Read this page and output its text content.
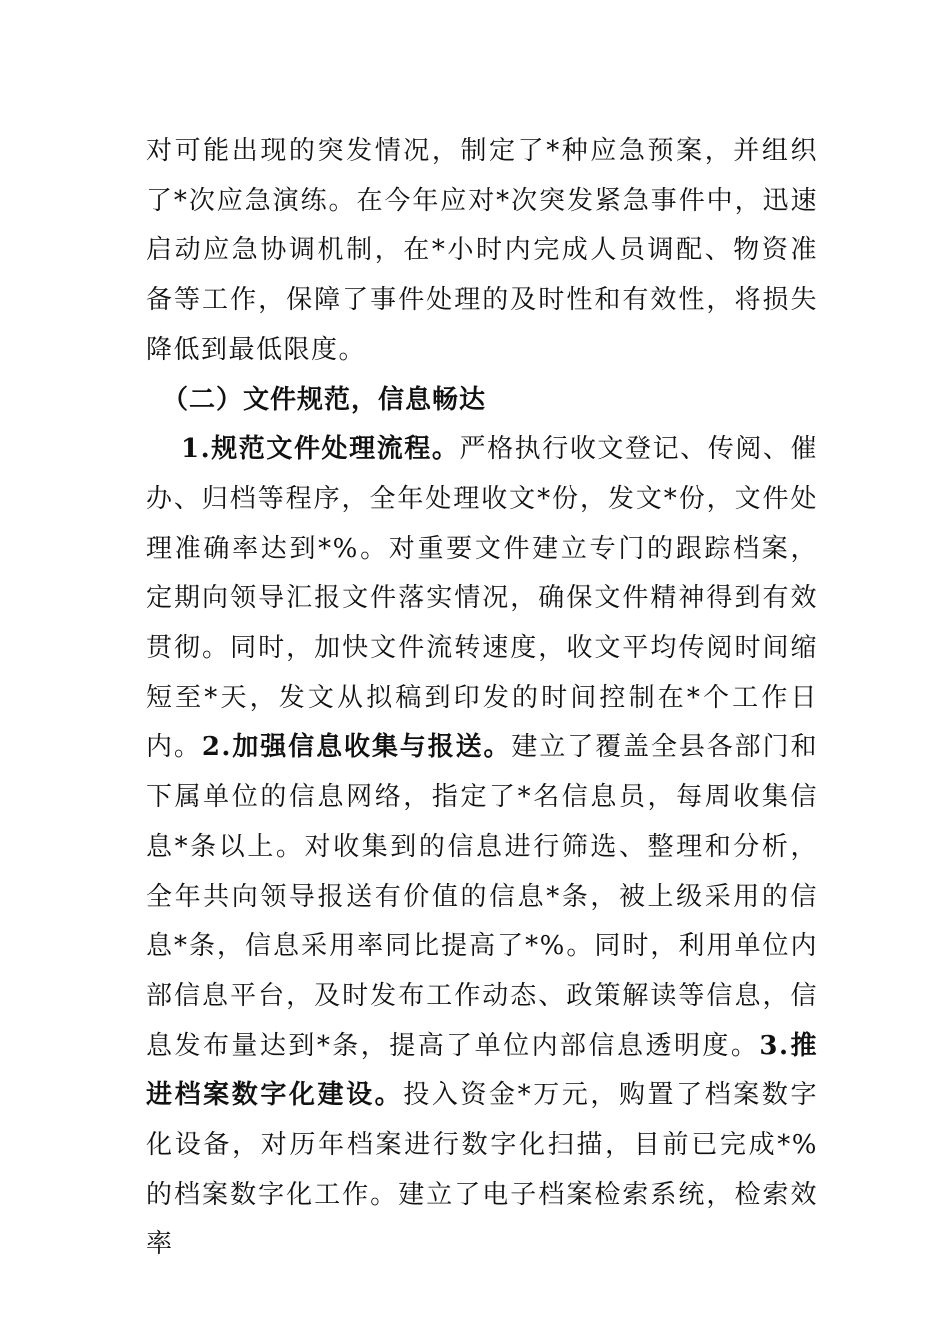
对可能出现的突发情况，制定了*种应急预案，并组织了*次应急演练。在今年应对*次突发紧急事件中，迅速启动应急协调机制，在*小时内完成人员调配、物资准备等工作，保障了事件处理的及时性和有效性，将损失降低到最低限度。

（二）文件规范，信息畅达

1.规范文件处理流程。严格执行收文登记、传阅、催办、归档等程序，全年处理收文*份，发文*份，文件处理准确率达到*%。对重要文件建立专门的跟踪档案，定期向领导汇报文件落实情况，确保文件精神得到有效贯彻。同时，加快文件流转速度，收文平均传阅时间缩短至*天，发文从拟稿到印发的时间控制在*个工作日内。2.加强信息收集与报送。建立了覆盖全县各部门和下属单位的信息网络，指定了*名信息员，每周收集信息*条以上。对收集到的信息进行筛选、整理和分析，全年共向领导报送有价值的信息*条，被上级采用的信息*条，信息采用率同比提高了*%。同时，利用单位内部信息平台，及时发布工作动态、政策解读等信息，信息发布量达到*条，提高了单位内部信息透明度。3.推进档案数字化建设。投入资金*万元，购置了档案数字化设备，对历年档案进行数字化扫描，目前已完成*%的档案数字化工作。建立了电子档案检索系统，检索效率
